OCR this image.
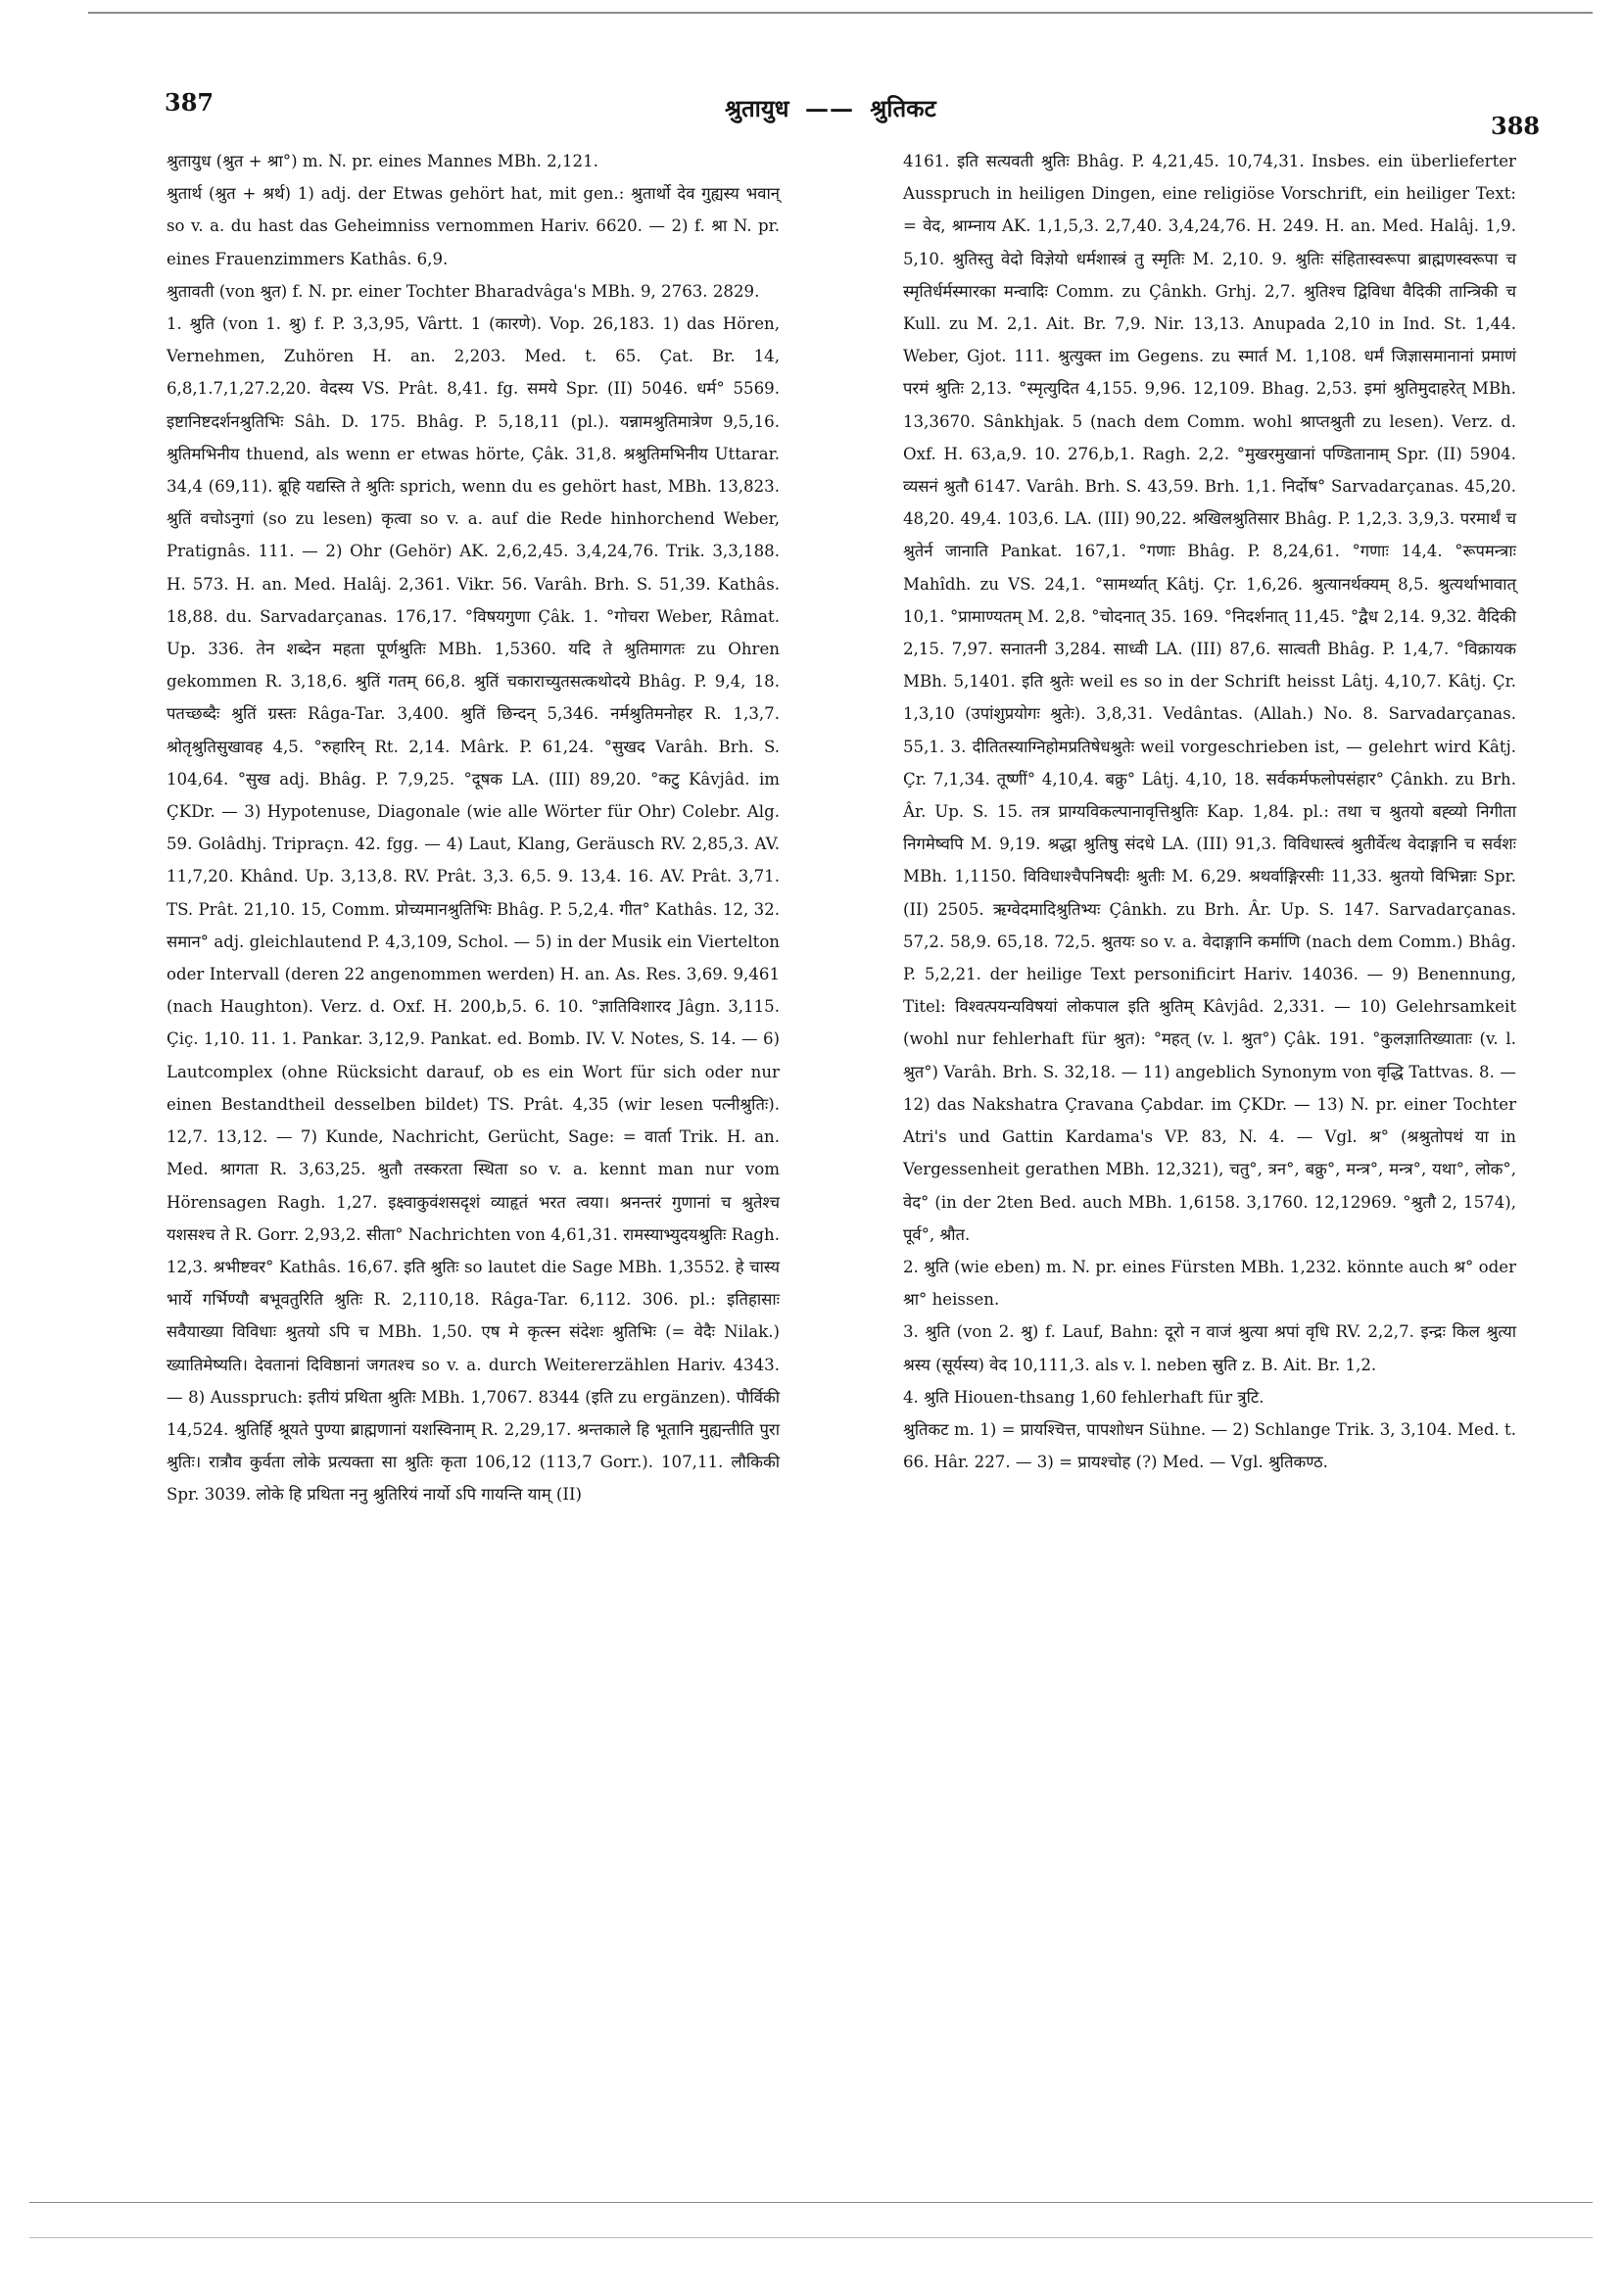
387	श्रुतायुध —— श्रुतिकट
388

श्रुतायुध (श्रुत + श्रा°) m. N. pr. eines Mannes MBh. 2,121.

श्रुतार्थ (श्रुत + श्रर्थ) 1) adj. der Etwas gehört hat, mit gen.: श्रुतार्थो देव गुह्यस्य भवान् so v. a. du hast das Geheimniss vernommen Hariv. 6620. — 2) f. श्रा N. pr. eines Frauenzimmers Kathâs. 6,9.

श्रुतावती (von श्रुत) f. N. pr. einer Tochter Bharadvâga's MBh. 9, 2763. 2829.

1. श्रुति (von 1. श्रु) f. P. 3,3,95, Vârtt. 1 (कारणे). Vop. 26,183. 1) das Hören, Vernehmen, Zuhören H. an. 2,203. Med. t. 65. Çat. Br. 14, 6,8,1.7,1,27.2,20. वेदस्य VS. Prât. 8,41. fg. समये Spr. (II) 5046. धर्म° 5569. इष्टानिष्टदर्शनश्रुतिभिः Sâh. D. 175. Bhâg. P. 5,18,11 (pl.). यन्नामश्रुतिमात्रेण 9,5,16. श्रुतिमभिनीय thuend, als wenn er etwas hörte, Çâk. 31,8. श्रश्रुतिमभिनीय Uttarar. 34,4 (69,11). ब्रूहि यद्यस्ति ते श्रुतिः sprich, wenn du es gehört hast, MBh. 13,823. श्रुतिं वचोऽनुगां (so zu lesen) कृत्वा so v. a. auf die Rede hinhorchend Weber, Pratignâs. 111. — 2) Ohr (Gehör) AK. 2,6,2,45. 3,4,24,76. Trik. 3,3,188. H. 573. H. an. Med. Halâj. 2,361. Vikr. 56. Varâh. Brh. S. 51,39. Kathâs. 18,88. du. Sarvadarçanas. 176,17. °विषयगुणा Çâk. 1. °गोचरा Weber, Râmat. Up. 336. तेन शब्देन महता पूर्णश्रुतिः MBh. 1,5360. यदि ते श्रुतिमागतः zu Ohren gekommen R. 3,18,6. श्रुतिं गतम् 66,8. श्रुतिं चकाराच्युतसत्कथोदये Bhâg. P. 9,4, 18. पतच्छब्दैः श्रुतिं ग्रस्तः Râga-Tar. 3,400. श्रुतिं छिन्दन् 5,346. नर्मश्रुतिमनोहर R. 1,3,7. श्रोतृश्रुतिसुखावह 4,5. °रुहारिन् Rt. 2,14. Mârk. P. 61,24. °सुखद Varâh. Brh. S. 104,64. °सुख adj. Bhâg. P. 7,9,25. °दूषक LA. (III) 89,20. °कटु Kâvjâd. im ÇKDr. — 3) Hypotenuse, Diagonale (wie alle Wörter für Ohr) Colebr. Alg. 59. Golâdhj. Tripraçn. 42. fgg. — 4) Laut, Klang, Geräusch RV. 2,85,3. AV. 11,7,20. Khând. Up. 3,13,8. RV. Prât. 3,3. 6,5. 9. 13,4. 16. AV. Prât. 3,71. TS. Prât. 21,10. 15, Comm. प्रोच्यमानश्रुतिभिः Bhâg. P. 5,2,4. गीत° Kathâs. 12, 32. समान° adj. gleichlautend P. 4,3,109, Schol. — 5) in der Musik ein Viertelton oder Intervall (deren 22 angenommen werden) H. an. As. Res. 3,69. 9,461 (nach Haughton). Verz. d. Oxf. H. 200,b,5. 6. 10. °ज्ञातिविशारद Jâgn. 3,115. Çiç. 1,10. 11. 1. Pankar. 3,12,9. Pankat. ed. Bomb. IV. V. Notes, S. 14. — 6) Lautcomplex (ohne Rücksicht darauf, ob es ein Wort für sich oder nur einen Bestandtheil desselben bildet) TS. Prât. 4,35 (wir lesen पत्नीश्रुतिः). 12,7. 13,12. — 7) Kunde, Nachricht, Gerücht, Sage: = वार्ता Trik. H. an. Med. श्रागता R. 3,63,25. श्रुतौ तस्करता स्थिता so v. a. kennt man nur vom Hörensagen Ragh. 1,27. इक्ष्वाकुवंशसदृशं व्याहृतं भरत त्वया। श्रनन्तरं गुणानां च श्रुतेश्च यशसश्च ते R. Gorr. 2,93,2. सीता° Nachrichten von 4,61,31. रामस्याभ्युदयश्रुतिः Ragh. 12,3. श्रभीष्टवर° Kathâs. 16,67. इति श्रुतिः so lautet die Sage MBh. 1,3552. हे चास्य भार्ये गर्भिण्यौ बभूवतुरिति श्रुतिः R. 2,110,18. Râga-Tar. 6,112. 306. pl.: इतिहासाः सवैयाख्या विविधाः श्रुतयो ऽपि च MBh. 1,50. एष मे कृत्स्न संदेशः श्रुतिभिः (= वेदैः Nilak.) ख्यातिमेष्यति। देवतानां दिविष्ठानां जगतश्च so v. a. durch Weitererzählen Hariv. 4343. — 8) Ausspruch: इतीयं प्रथिता श्रुतिः MBh. 1,7067. 8344 (इति zu ergänzen). पौर्विकी 14,524. श्रुतिर्हि श्रूयते पुण्या ब्राह्मणानां यशस्विनाम् R. 2,29,17. श्रन्तकाले हि भूतानि मुह्यन्तीति पुरा श्रुतिः। रात्रौव कुर्वता लोके प्रत्यक्ता सा श्रुतिः कृता 106,12 (113,7 Gorr.). 107,11. लौकिकी Spr. 3039. लोके हि प्रथिता ननु श्रुतिरियं नार्यो ऽपि गायन्ति याम् (II)

4161. इति सत्यवती श्रुतिः Bhâg. P. 4,21,45. 10,74,31. Insbes. ein überlieferter Ausspruch in heiligen Dingen, eine religiöse Vorschrift, ein heiliger Text: = वेद, श्राम्नाय AK. 1,1,5,3. 2,7,40. 3,4,24,76. H. 249. H. an. Med. Halâj. 1,9. 5,10. श्रुतिस्तु वेदो विज्ञेयो धर्मशास्त्रं तु स्मृतिः M. 2,10. 9. श्रुतिः संहितास्वरूपा ब्राह्मणस्वरूपा च स्मृतिर्धर्मस्मारका मन्वादिः Comm. zu Çânkh. Grhj. 2,7. श्रुतिश्च द्विविधा वैदिकी तान्त्रिकी च Kull. zu M. 2,1. Ait. Br. 7,9. Nir. 13,13. Anupada 2,10 in Ind. St. 1,44. Weber, Gjot. 111. श्रुत्युक्त im Gegens. zu स्मार्त M. 1,108. धर्मं जिज्ञासमानानां प्रमाणं परमं श्रुतिः 2,13. °स्मृत्युदित 4,155. 9,96. 12,109. Bhag. 2,53. इमां श्रुतिमुदाहरेत् MBh. 13,3670. Sânkhjak. 5 (nach dem Comm. wohl श्राप्तश्रुती zu lesen). Verz. d. Oxf. H. 63,a,9. 10. 276,b,1. Ragh. 2,2. °मुखरमुखानां पण्डितानाम् Spr. (II) 5904. व्यसनं श्रुतौ 6147. Varâh. Brh. S. 43,59. Brh. 1,1. निर्दोष° Sarvadarçanas. 45,20. 48,20. 49,4. 103,6. LA. (III) 90,22. श्रखिलश्रुतिसार Bhâg. P. 1,2,3. 3,9,3. परमार्थं च श्रुतेर्न जानाति Pankat. 167,1. °गणाः Bhâg. P. 8,24,61. °गणाः 14,4. °रूपमन्त्राः Mahîdh. zu VS. 24,1. °सामर्थ्यात् Kâtj. Çr. 1,6,26. श्रुत्यानर्थक्यम् 8,5. श्रुत्यर्थाभावात् 10,1. °प्रामाण्यतम् M. 2,8. °चोदनात् 35. 169. °निदर्शनात् 11,45. °द्वैध 2,14. 9,32. वैदिकी 2,15. 7,97. सनातनी 3,284. साध्वी LA. (III) 87,6. सात्वती Bhâg. P. 1,4,7. °विक्रायक MBh. 5,1401. इति श्रुतेः weil es so in der Schrift heisst Lâtj. 4,10,7. Kâtj. Çr. 1,3,10 (उपांशुप्रयोगः श्रुतेः). 3,8,31. Vedântas. (Allah.) No. 8. Sarvadarçanas. 55,1. 3. दीतितस्याग्निहोमप्रतिषेधश्रुतेः weil vorgeschrieben ist, — gelehrt wird Kâtj. Çr. 7,1,34. तूष्णीं° 4,10,4. बक्रु° Lâtj. 4,10, 18. सर्वकर्मफलोपसंहार° Çânkh. zu Brh. Âr. Up. S. 15. तत्र प्राग्यविकल्पानावृत्तिश्रुतिः Kap. 1,84. pl.: तथा च श्रुतयो बह्व्यो निगीता निगमेष्वपि M. 9,19. श्रद्धा श्रुतिषु संदधे LA. (III) 91,3. विविधास्त्वं श्रुतीर्वेत्थ वेदाङ्गानि च सर्वशः MBh. 1,1150. विविधाश्चैपनिषदीः श्रुतीः M. 6,29. श्रथर्वाङ्गिरसीः 11,33. श्रुतयो विभिन्नाः Spr. (II) 2505. ऋग्वेदमादिश्रुतिभ्यः Çânkh. zu Brh. Âr. Up. S. 147. Sarvadarçanas. 57,2. 58,9. 65,18. 72,5. श्रुतयः so v. a. वेदाङ्गानि कर्माणि (nach dem Comm.) Bhâg. P. 5,2,21. der heilige Text personificirt Hariv. 14036. — 9) Benennung, Titel: विश्वत्पयन्यविषयां लोकपाल इति श्रुतिम् Kâvjâd. 2,331. — 10) Gelehrsamkeit (wohl nur fehlerhaft für श्रुत): °महत् (v. l. श्रुत°) Çâk. 191. °कुलज्ञातिख्याताः (v. l. श्रुत°) Varâh. Brh. S. 32,18. — 11) angeblich Synonym von वृद्धि Tattvas. 8. — 12) das Nakshatra Çravana Çabdar. im ÇKDr. — 13) N. pr. einer Tochter Atri's und Gattin Kardama's VP. 83, N. 4. — Vgl. श्र° (श्रश्रुतोपथं या in Vergessenheit gerathen MBh. 12,321), चतु°, त्रन°, बक्रु°, मन्त्र°, मन्त्र°, यथा°, लोक°, वेद° (in der 2ten Bed. auch MBh. 1,6158. 3,1760. 12,12969. °श्रुतौ 2, 1574), पूर्व°, श्रौत.

2. श्रुति (wie eben) m. N. pr. eines Fürsten MBh. 1,232. könnte auch श्र° oder श्रा° heissen.

3. श्रुति (von 2. श्रु) f. Lauf, Bahn: दूरो न वाजं श्रुत्या श्रपां वृधि RV. 2,2,7. इन्द्रः किल श्रुत्या श्रस्य (सूर्यस्य) वेद 10,111,3. als v. l. neben स्रुति z. B. Ait. Br. 1,2.

4. श्रुति Hiouen-thsang 1,60 fehlerhaft für त्रुटि.

श्रुतिकट m. 1) = प्रायश्चित्त, पापशोधन Sühne. — 2) Schlange Trik. 3, 3,104. Med. t. 66. Hâr. 227. — 3) = प्रायश्चोह (?) Med. — Vgl. श्रुतिकण्ठ.
